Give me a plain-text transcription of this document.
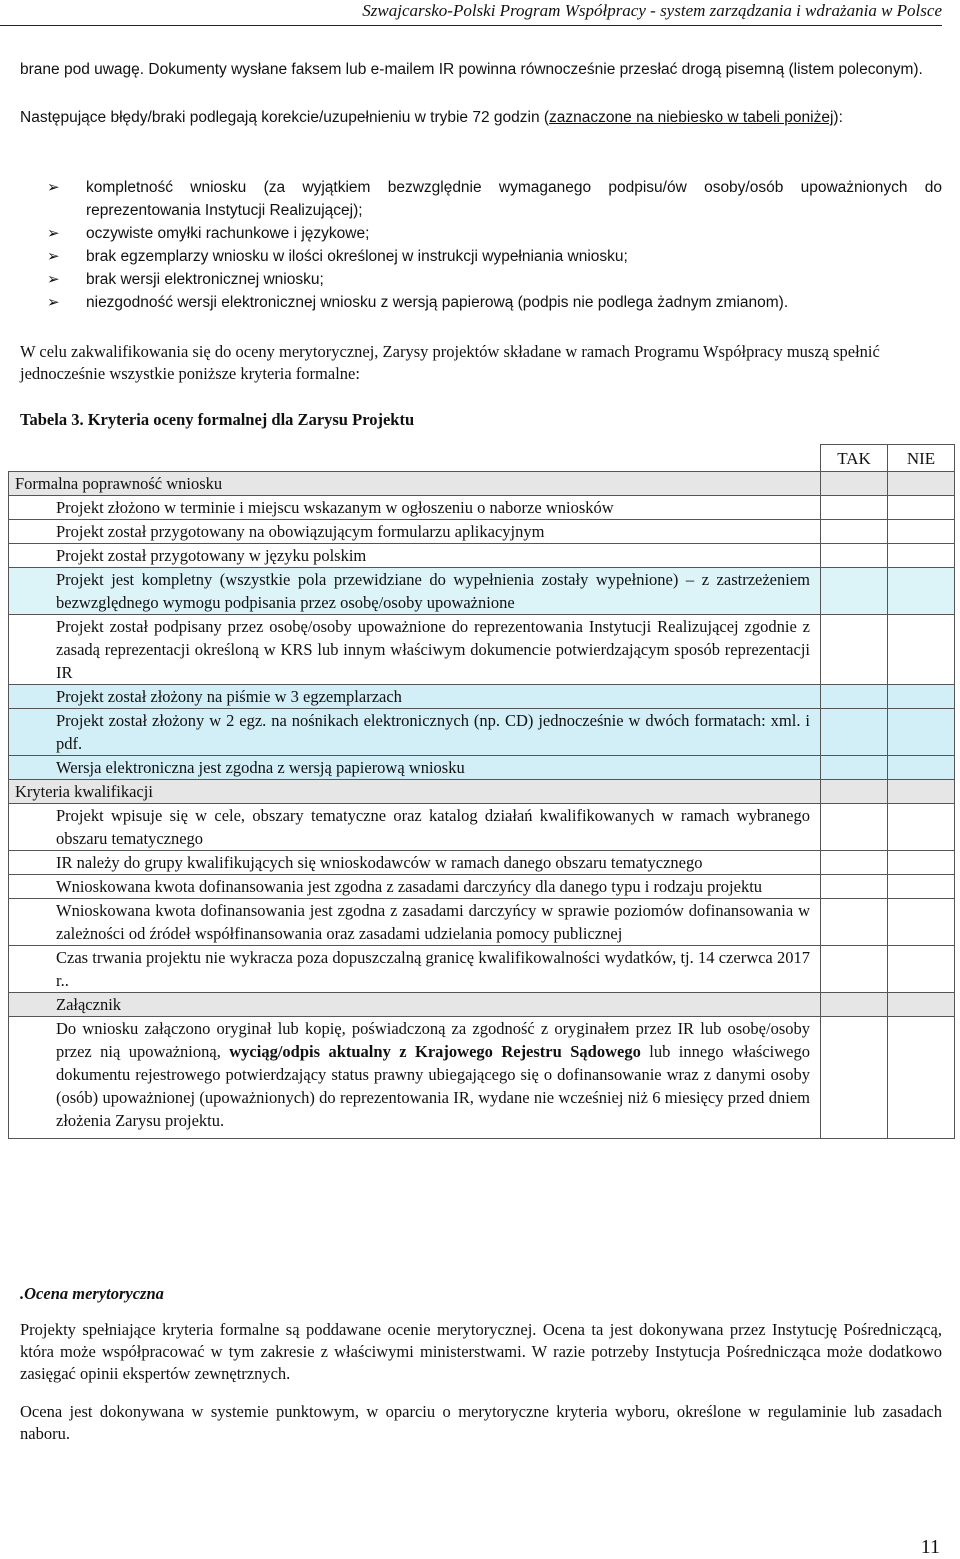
Szwajcarsko-Polski Program Współpracy - system zarządzania i wdrażania w Polsce

brane pod uwagę. Dokumenty wysłane faksem lub e-mailem IR powinna równocześnie przesłać drogą pisemną (listem poleconym).

Następujące błędy/braki podlegają korekcie/uzupełnieniu w trybie 72 godzin (zaznaczone na niebiesko w tabeli poniżej):

➢ kompletność wniosku (za wyjątkiem bezwzględnie wymaganego podpisu/ów osoby/osób upoważnionych do reprezentowania Instytucji Realizującej);
➢ oczywiste omyłki rachunkowe i językowe;
➢ brak egzemplarzy wniosku w ilości określonej w instrukcji wypełniania wniosku;
➢ brak wersji elektronicznej wniosku;
➢ niezgodność wersji elektronicznej wniosku z wersją papierową (podpis nie podlega żadnym zmianom).

W celu zakwalifikowania się do oceny merytorycznej, Zarysy projektów składane w ramach Programu Współpracy muszą spełnić jednocześnie wszystkie poniższe kryteria formalne:

Tabela 3. Kryteria oceny formalnej dla Zarysu Projektu

	TAK	NIE
Formalna poprawność wniosku		
Projekt złożono w terminie i miejscu wskazanym w ogłoszeniu o naborze wniosków		
Projekt został przygotowany na obowiązującym formularzu aplikacyjnym		
Projekt został przygotowany w języku polskim		
Projekt jest kompletny (wszystkie pola przewidziane do wypełnienia zostały wypełnione) – z zastrzeżeniem bezwzględnego wymogu podpisania przez osobę/osoby upoważnione		
Projekt został podpisany przez osobę/osoby upoważnione do reprezentowania Instytucji Realizującej zgodnie z zasadą reprezentacji określoną w KRS lub innym właściwym dokumencie potwierdzającym sposób reprezentacji IR		
Projekt został złożony na piśmie w 3 egzemplarzach		
Projekt został złożony w 2 egz. na nośnikach elektronicznych (np. CD) jednocześnie w dwóch formatach: xml. i pdf.		
Wersja elektroniczna jest zgodna z wersją papierową wniosku		
Kryteria kwalifikacji		
Projekt wpisuje się w cele, obszary tematyczne oraz katalog działań kwalifikowanych w ramach wybranego obszaru tematycznego		
IR należy do grupy kwalifikujących się wnioskodawców w ramach danego obszaru tematycznego		
Wnioskowana kwota dofinansowania jest zgodna z zasadami darczyńcy dla danego typu i rodzaju projektu		
Wnioskowana kwota dofinansowania jest zgodna z zasadami darczyńcy w sprawie poziomów dofinansowania w zależności od źródeł współfinansowania oraz zasadami udzielania pomocy publicznej		
Czas trwania projektu nie wykracza poza dopuszczalną granicę kwalifikowalności wydatków, tj. 14 czerwca 2017 r..		
Załącznik		
Do wniosku załączono oryginał lub kopię, poświadczoną za zgodność z oryginałem przez IR lub osobę/osoby przez nią upoważnioną, wyciąg/odpis aktualny z Krajowego Rejestru Sądowego lub innego właściwego dokumentu rejestrowego potwierdzający status prawny ubiegającego się o dofinansowanie wraz z danymi osoby (osób) upoważnionej (upoważnionych) do reprezentowania IR, wydane nie wcześniej niż 6 miesięcy przed dniem złożenia Zarysu projektu.		

.Ocena merytoryczna

Projekty spełniające kryteria formalne są poddawane ocenie merytorycznej. Ocena ta jest dokonywana przez Instytucję Pośredniczącą, która może współpracować w tym zakresie z właściwymi ministerstwami. W razie potrzeby Instytucja Pośrednicząca może dodatkowo zasięgać opinii ekspertów zewnętrznych.

Ocena jest dokonywana w systemie punktowym, w oparciu o merytoryczne kryteria wyboru, określone w regulaminie lub zasadach naboru.

11
